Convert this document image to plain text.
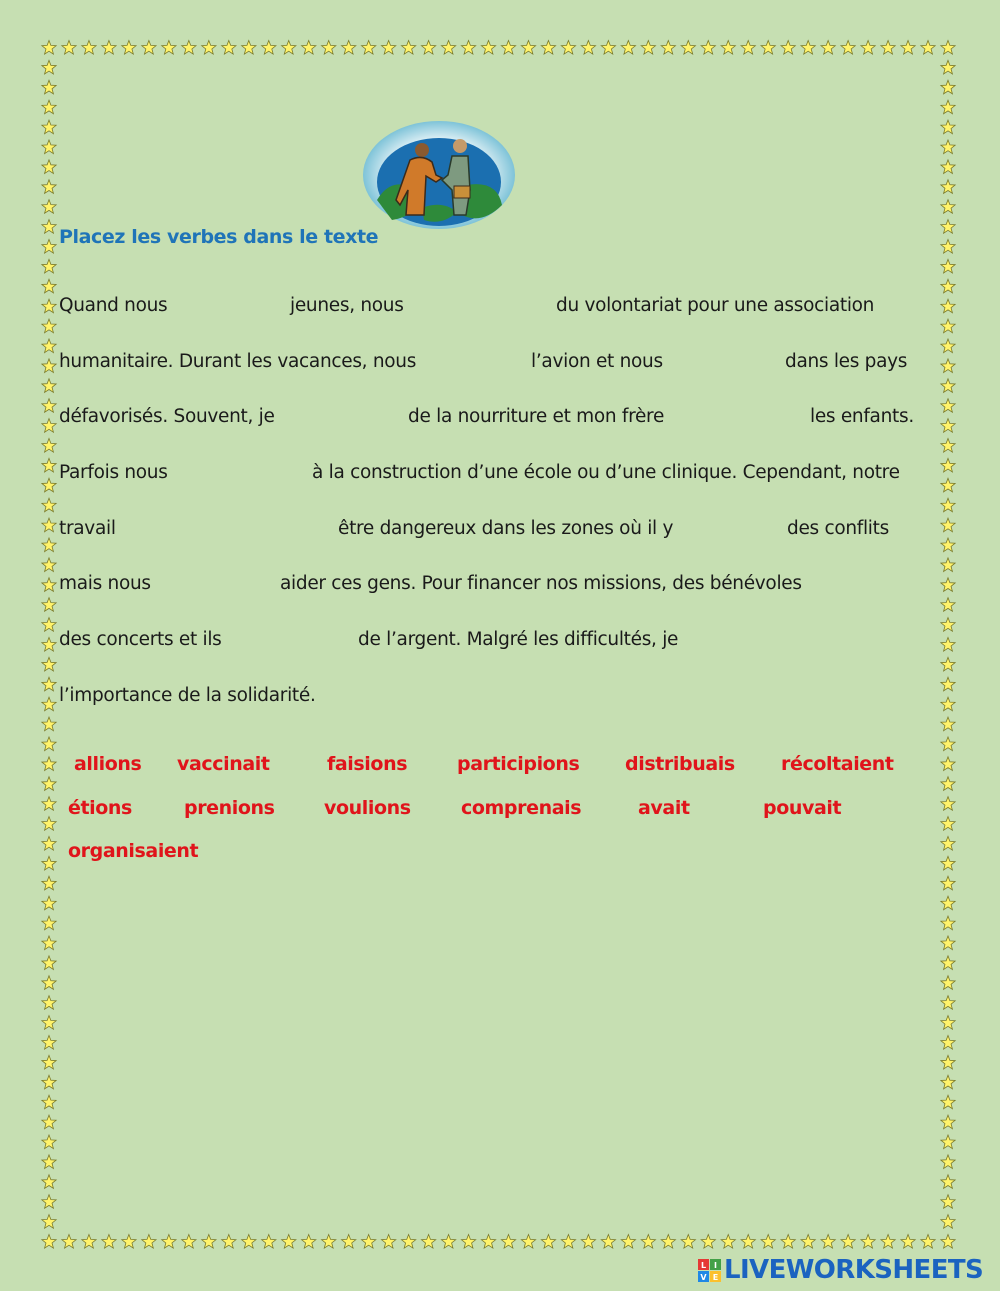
Placez les verbes dans le texte
Quand nous	jeunes, nous	du volontariat pour une association
humanitaire. Durant les vacances, nous	l’avion et nous	dans les pays
défavorisés. Souvent, je	de la nourriture et mon frère	les enfants.
Parfois nous	à la construction d’une école ou d’une clinique. Cependant, notre
travail	être dangereux dans les zones où il y	des conflits
mais nous	aider ces gens. Pour financer nos missions, des bénévoles
des concerts et ils	de l’argent. Malgré les difficultés, je
l’importance de la solidarité.
allions vaccinait	faisions	participions distribuais récoltaient
étions	prenions	voulions	comprenais	avait	pouvait
organisaient
L I
V E LIVEWORKSHEETS
